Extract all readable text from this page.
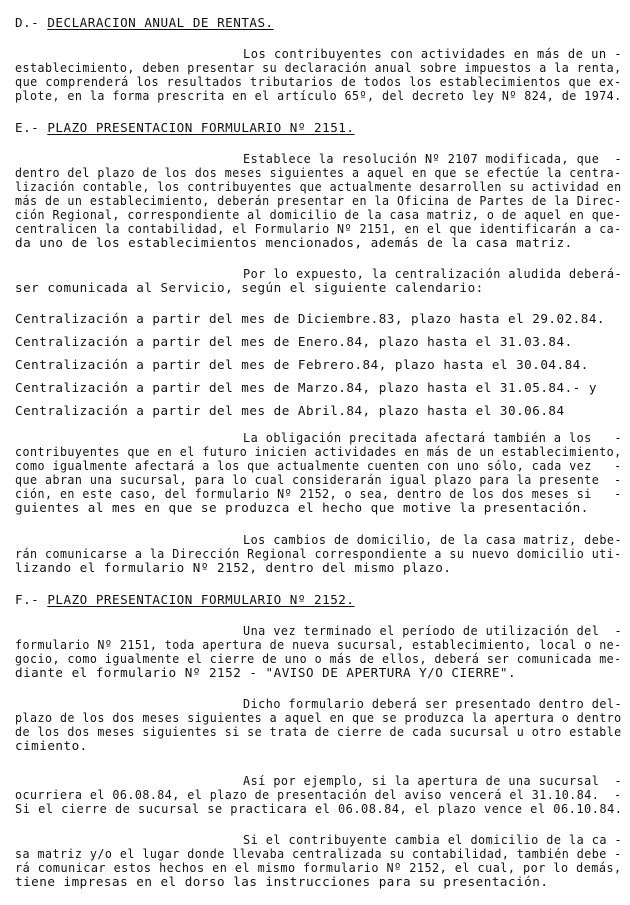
D.- DECLARACION ANUAL DE RENTAS.
Los contribuyentes con actividades en más de un -
establecimiento, deben presentar su declaración anual sobre impuestos a la renta,
que comprenderá los resultados tributarios de todos los establecimientos que ex-
plote, en la forma prescrita en el artículo 65º, del decreto ley Nº 824, de 1974.
E.- PLAZO PRESENTACION FORMULARIO Nº 2151.
Establece la resolución Nº 2107 modificada, que  -
dentro del plazo de los dos meses siguientes a aquel en que se efectúe la centra-
lización contable, los contribuyentes que actualmente desarrollen su actividad en
más de un establecimiento, deberán presentar en la Oficina de Partes de la Direc-
ción Regional, correspondiente al domicilio de la casa matriz, o de aquel en que-
centralicen la contabilidad, el Formulario Nº 2151, en el que identificarán a ca-
da uno de los establecimientos mencionados, además de la casa matriz.
Por lo expuesto, la centralización aludida deberá-
ser comunicada al Servicio, según el siguiente calendario:
Centralización a partir del mes de Diciembre.83, plazo hasta el 29.02.84.
Centralización a partir del mes de Enero.84, plazo hasta el 31.03.84.
Centralización a partir del mes de Febrero.84, plazo hasta el 30.04.84.
Centralización a partir del mes de Marzo.84, plazo hasta el 31.05.84.- y
Centralización a partir del mes de Abril.84, plazo hasta el 30.06.84
La obligación precitada afectará también a los   -
contribuyentes que en el futuro inicien actividades en más de un establecimiento,
como igualmente afectará a los que actualmente cuenten con uno sólo, cada vez   -
que abran una sucursal, para lo cual considerarán igual plazo para la presente  -
ción, en este caso, del formulario Nº 2152, o sea, dentro de los dos meses si   -
guientes al mes en que se produzca el hecho que motive la presentación.
Los cambios de domicilio, de la casa matriz, debe-
rán comunicarse a la Dirección Regional correspondiente a su nuevo domicilio uti-
lizando el formulario Nº 2152, dentro del mismo plazo.
F.- PLAZO PRESENTACION FORMULARIO Nº 2152.
Una vez terminado el período de utilización del  -
formulario Nº 2151, toda apertura de nueva sucursal, establecimiento, local o ne-
gocio, como igualmente el cierre de uno o más de ellos, deberá ser comunicada me-
diante el formulario Nº 2152 - "AVISO DE APERTURA Y/O CIERRE".
Dicho formulario deberá ser presentado dentro del-
plazo de los dos meses siguientes a aquel en que se produzca la apertura o dentro
de los dos meses siguientes si se trata de cierre de cada sucursal u otro estable
cimiento.
Así por ejemplo, si la apertura de una sucursal  -
ocurriera el 06.08.84, el plazo de presentación del aviso vencerá el 31.10.84.  -
Si el cierre de sucursal se practicara el 06.08.84, el plazo vence el 06.10.84.
Si el contribuyente cambia el domicilio de la ca -
sa matriz y/o el lugar donde llevaba centralizada su contabilidad, también debe -
rá comunicar estos hechos en el mismo formulario Nº 2152, el cual, por lo demás,
tiene impresas en el dorso las instrucciones para su presentación.
